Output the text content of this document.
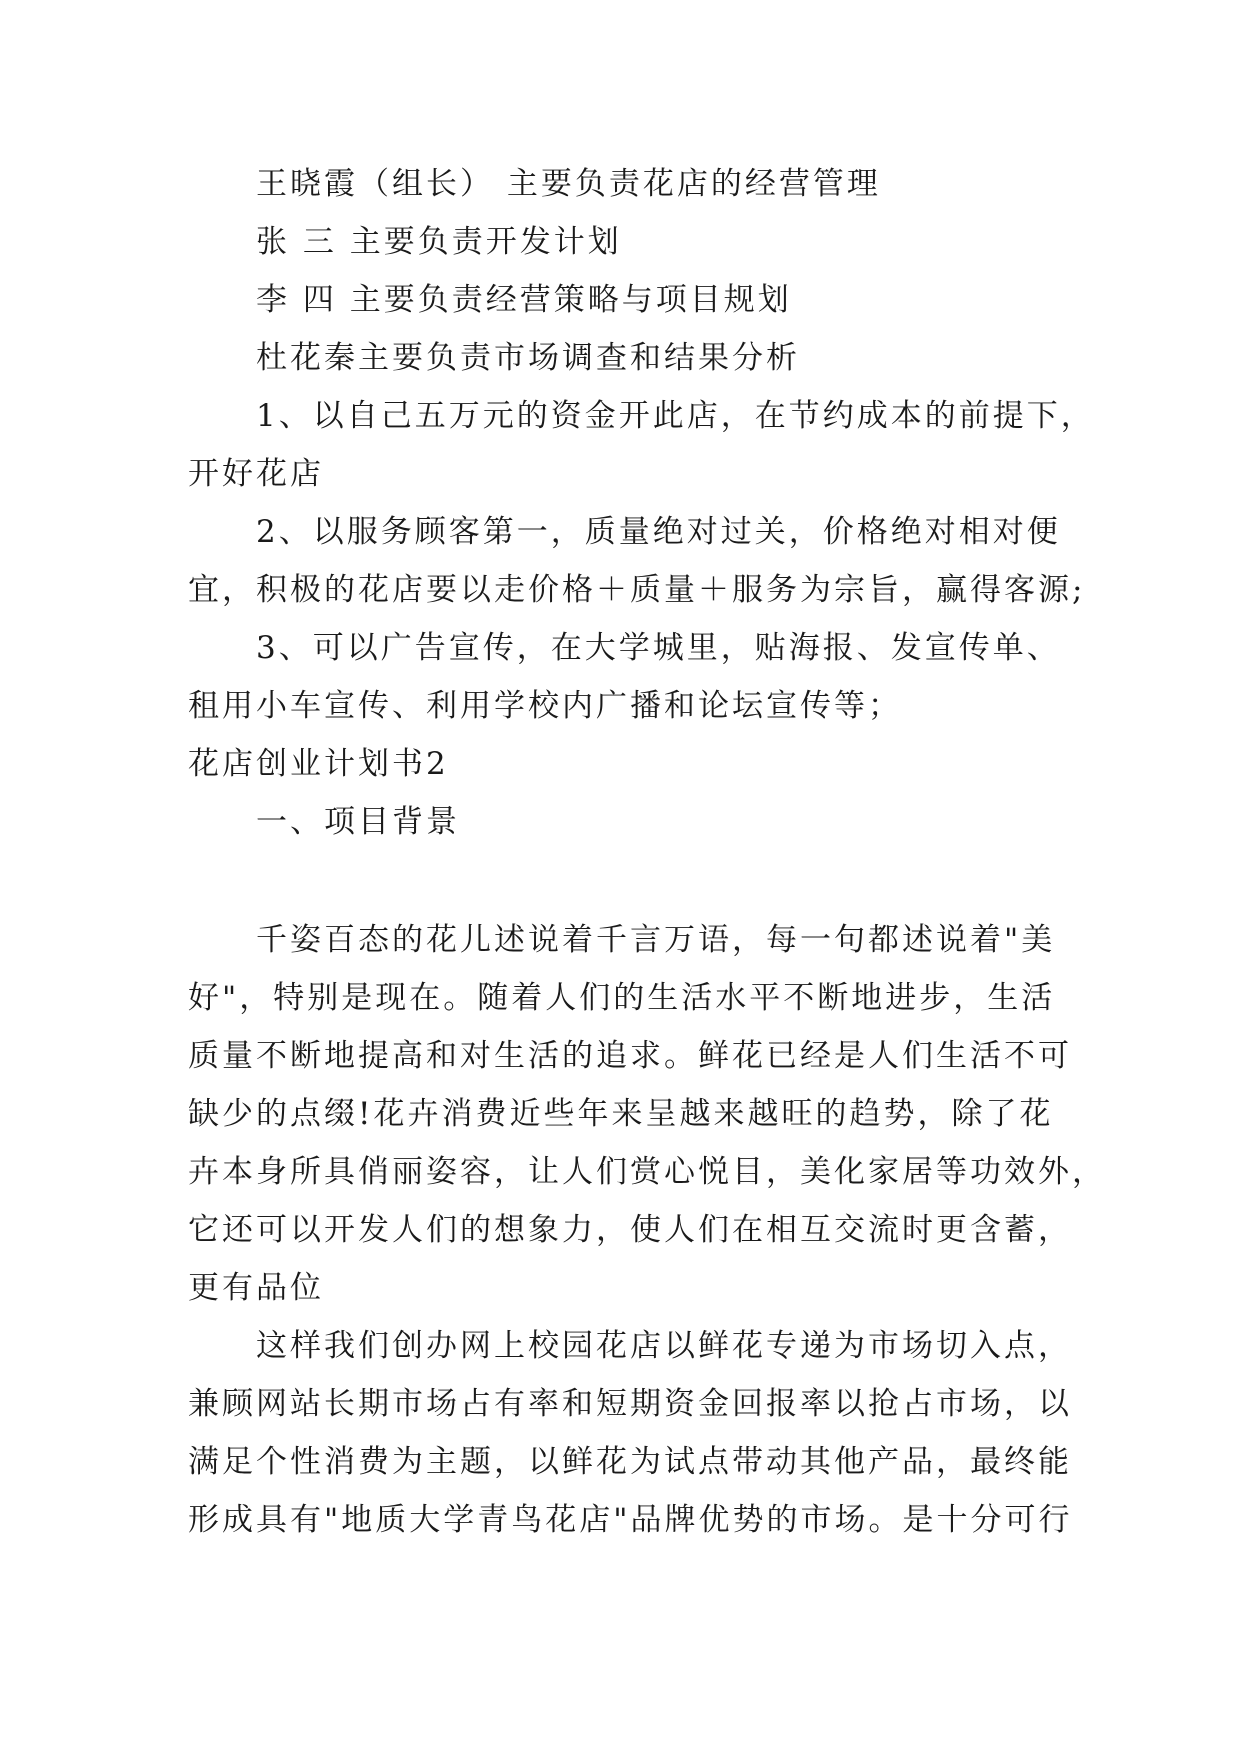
王晓霞（组长） 主要负责花店的经营管理
张 三 主要负责开发计划
李 四 主要负责经营策略与项目规划
杜花秦主要负责市场调查和结果分析
1、以自己五万元的资金开此店，在节约成本的前提下，
开好花店
2、以服务顾客第一，质量绝对过关，价格绝对相对便
宜，积极的花店要以走价格＋质量＋服务为宗旨，赢得客源;
3、可以广告宣传，在大学城里，贴海报、发宣传单、
租用小车宣传、利用学校内广播和论坛宣传等；
花店创业计划书2
一、项目背景
千姿百态的花儿述说着千言万语，每一句都述说着"美
好"，特别是现在。随着人们的生活水平不断地进步，生活
质量不断地提高和对生活的追求。鲜花已经是人们生活不可
缺少的点缀!花卉消费近些年来呈越来越旺的趋势，除了花
卉本身所具俏丽姿容，让人们赏心悦目，美化家居等功效外，
它还可以开发人们的想象力，使人们在相互交流时更含蓄，
更有品位
这样我们创办网上校园花店以鲜花专递为市场切入点，
兼顾网站长期市场占有率和短期资金回报率以抢占市场，以
满足个性消费为主题，以鲜花为试点带动其他产品，最终能
形成具有"地质大学青鸟花店"品牌优势的市场。是十分可行
